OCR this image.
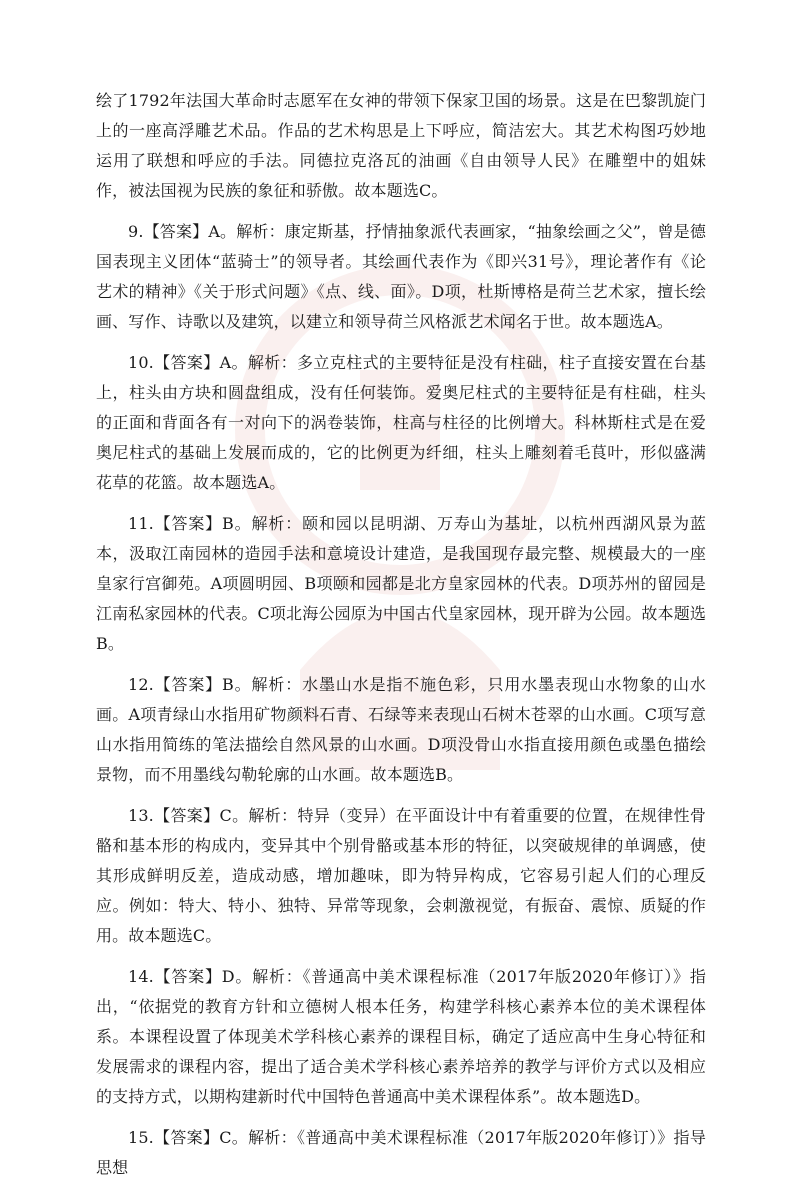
绘了1792年法国大革命时志愿军在女神的带领下保家卫国的场景。这是在巴黎凯旋门上的一座高浮雕艺术品。作品的艺术构思是上下呼应，简洁宏大。其艺术构图巧妙地运用了联想和呼应的手法。同德拉克洛瓦的油画《自由领导人民》在雕塑中的姐妹作，被法国视为民族的象征和骄傲。故本题选C。

9.【答案】A。解析：康定斯基，抒情抽象派代表画家，“抽象绘画之父”，曾是德国表现主义团体“蓝骑士”的领导者。其绘画代表作为《即兴31号》，理论著作有《论艺术的精神》《关于形式问题》《点、线、面》。D项，杜斯博格是荷兰艺术家，擅长绘画、写作、诗歌以及建筑，以建立和领导荷兰风格派艺术闻名于世。故本题选A。

10.【答案】A。解析：多立克柱式的主要特征是没有柱础，柱子直接安置在台基上，柱头由方块和圆盘组成，没有任何装饰。爱奥尼柱式的主要特征是有柱础，柱头的正面和背面各有一对向下的涡卷装饰，柱高与柱径的比例增大。科林斯柱式是在爱奥尼柱式的基础上发展而成的，它的比例更为纤细，柱头上雕刻着毛茛叶，形似盛满花草的花篮。故本题选A。

11.【答案】B。解析：颐和园以昆明湖、万寿山为基址，以杭州西湖风景为蓝本，汲取江南园林的造园手法和意境设计建造，是我国现存最完整、规模最大的一座皇家行宫御苑。A项圆明园、B项颐和园都是北方皇家园林的代表。D项苏州的留园是江南私家园林的代表。C项北海公园原为中国古代皇家园林，现开辟为公园。故本题选B。

12.【答案】B。解析：水墨山水是指不施色彩，只用水墨表现山水物象的山水画。A项青绿山水指用矿物颜料石青、石绿等来表现山石树木苍翠的山水画。C项写意山水指用简练的笔法描绘自然风景的山水画。D项没骨山水指直接用颜色或墨色描绘景物，而不用墨线勾勒轮廓的山水画。故本题选B。

13.【答案】C。解析：特异（变异）在平面设计中有着重要的位置，在规律性骨骼和基本形的构成内，变异其中个别骨骼或基本形的特征，以突破规律的单调感，使其形成鲜明反差，造成动感，增加趣味，即为特异构成，它容易引起人们的心理反应。例如：特大、特小、独特、异常等现象，会刺激视觉，有振奋、震惊、质疑的作用。故本题选C。

14.【答案】D。解析：《普通高中美术课程标准（2017年版2020年修订）》指出，“依据党的教育方针和立德树人根本任务，构建学科核心素养本位的美术课程体系。本课程设置了体现美术学科核心素养的课程目标，确定了适应高中生身心特征和发展需求的课程内容，提出了适合美术学科核心素养培养的教学与评价方式以及相应的支持方式，以期构建新时代中国特色普通高中美术课程体系”。故本题选D。

15.【答案】C。解析：《普通高中美术课程标准（2017年版2020年修订）》指导思想
